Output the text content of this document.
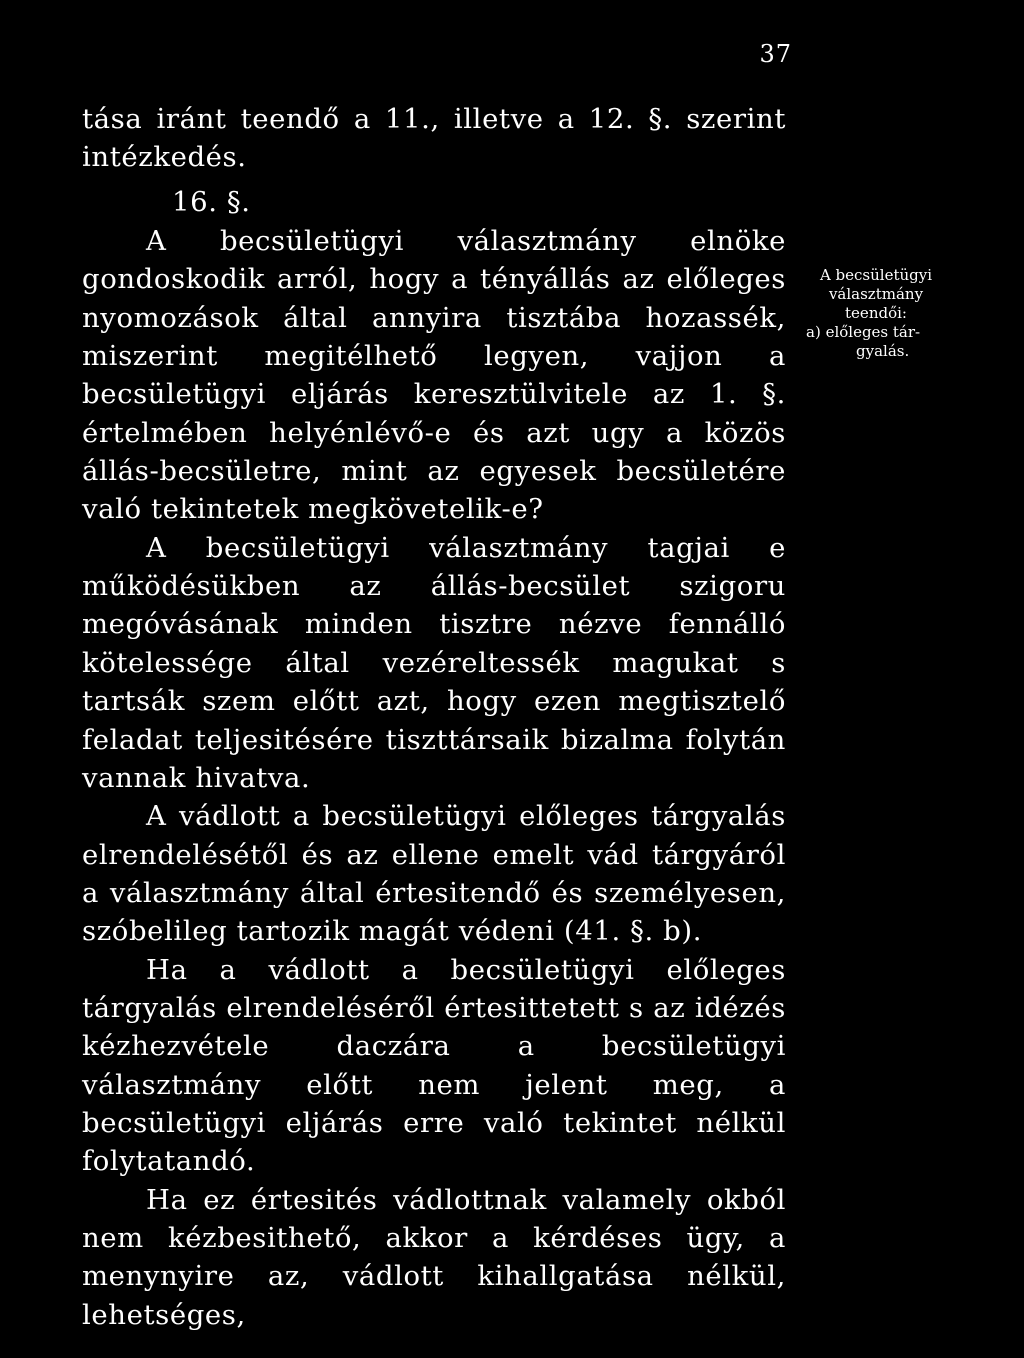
37

tása iránt teendő a 11., illetve a 12. §. szerint intézkedés.

16. §.

A becsületügyi választmány elnöke gondoskodik arról, hogy a tényállás az előleges nyomozások által annyira tisztába hozassék, miszerint megitélhető legyen, vajjon a becsületügyi eljárás keresztülvitele az 1. §. értelmében helyénlévő-e és azt ugy a közös állás-becsületre, mint az egyesek becsületére való tekintetek megkövetelik-e?

A becsületügyi választmány tagjai e működésükben az állás-becsület szigoru megóvásának minden tisztre nézve fennálló kötelessége által vezéreltessék magukat s tartsák szem előtt azt, hogy ezen megtisztelő feladat teljesitésére tiszttársaik bizalma folytán vannak hivatva.

A vádlott a becsületügyi előleges tárgyalás elrendelésétől és az ellene emelt vád tárgyáról a választmány által értesitendő és személyesen, szóbelileg tartozik magát védeni (41. §. b).

Ha a vádlott a becsületügyi előleges tárgyalás elrendeléséről értesittetett s az idézés kézhezvétele daczára a becsületügyi választmány előtt nem jelent meg, a becsületügyi eljárás erre való tekintet nélkül folytatandó.

Ha ez értesités vádlottnak valamely okból nem kézbesithető, akkor a kérdéses ügy, a menynyire az, vádlott kihallgatása nélkül, lehetséges,

A becsületügyi választmány teendői:
a) előleges tár-
gyalás.
